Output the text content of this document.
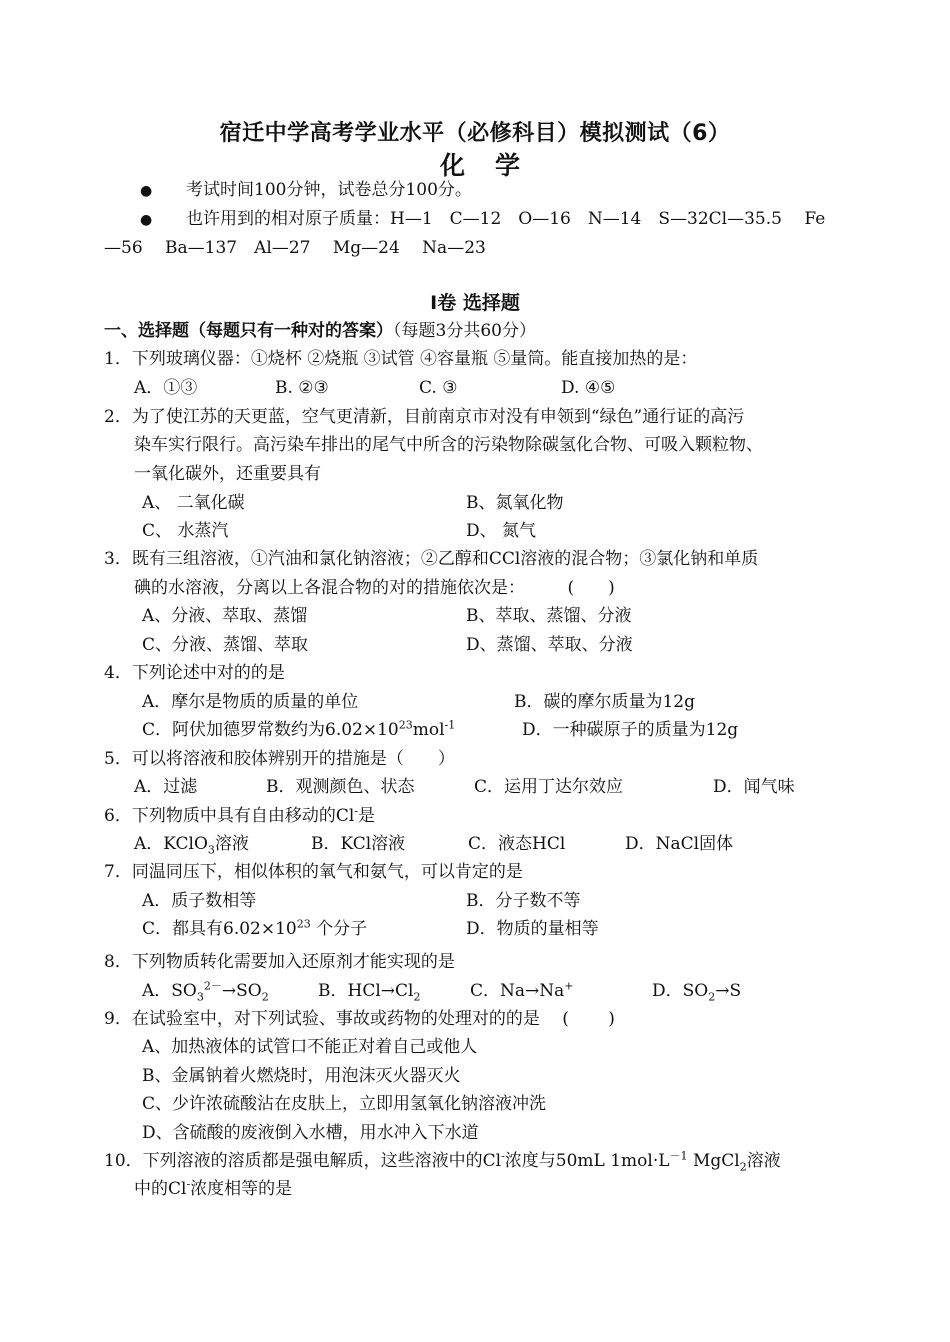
宿迁中学高考学业水平（必修科目）模拟测试（6）
化学
● 考试时间100分钟，试卷总分100分。
● 也许用到的相对原子质量：H—1　C—12　O—16　N—14　S—32Cl—35.5　 Fe
—56　 Ba—137　Al—27　 Mg—24　 Na—23
Ⅰ卷 选择题
一、选择题（每题只有一种对的答案）（每题3分共60分）
1．下列玻璃仪器：①烧杯 ②烧瓶 ③试管 ④容量瓶 ⑤量筒。能直接加热的是：
A．①③	B. ②③	C. ③	D. ④⑤
2．为了使江苏的天更蓝，空气更清新，目前南京市对没有申领到“绿色”通行证的高污
染车实行限行。高污染车排出的尾气中所含的污染物除碳氢化合物、可吸入颗粒物、
一氧化碳外，还重要具有
A、 二氧化碳	B、氮氧化物
C、 水蒸汽	D、 氮气
3．既有三组溶液，①汽油和氯化钠溶液；②乙醇和CCl溶液的混合物；③氯化钠和单质
碘的水溶液，分离以上各混合物的对的措施依次是：　　　(　　)
A、分液、萃取、蒸馏	B、萃取、蒸馏、分液
C、分液、蒸馏、萃取	D、蒸馏、萃取、分液
4．下列论述中对的的是
A．摩尔是物质的质量的单位	B．碳的摩尔质量为12g
C．阿伏加德罗常数约为$6.02\times 10^{23}mol^{-1}$	D．一种碳原子的质量为12g
5．可以将溶液和胶体辨别开的措施是（　　）
A．过滤	B．观测颜色、状态	C．运用丁达尔效应	D．闻气味
6．下列物质中具有自由移动的Cl-是
A．KClO$_3$溶液	B．KCl溶液	C．液态HCl	D．NaCl固体
7．同温同压下，相似体积的氧气和氨气，可以肯定的是
A．质子数相等	B．分子数不等
C．都具有$6.02\times 10^{23}$ 个分子	D．物质的量相等
8．下列物质转化需要加入还原剂才能实现的是
A．$SO_3^{2-}\to SO_2$	B．$HCl\to Cl_2$	C．Na→Na+	D．$SO_2\to S$
9．在试验室中，对下列试验、事故或药物的处理对的的是　 (　　 )
A、加热液体的试管口不能正对着自己或他人
B、金属钠着火燃烧时，用泡沫灭火器灭火
C、少许浓硫酸沾在皮肤上，立即用氢氧化钠溶液冲洗
D、含硫酸的废液倒入水槽，用水冲入下水道
10．下列溶液的溶质都是强电解质，这些溶液中的Cl-浓度与50mL $1mol\cdot L^{-1}$ MgCl$_2$溶液
中的Cl-浓度相等的是
